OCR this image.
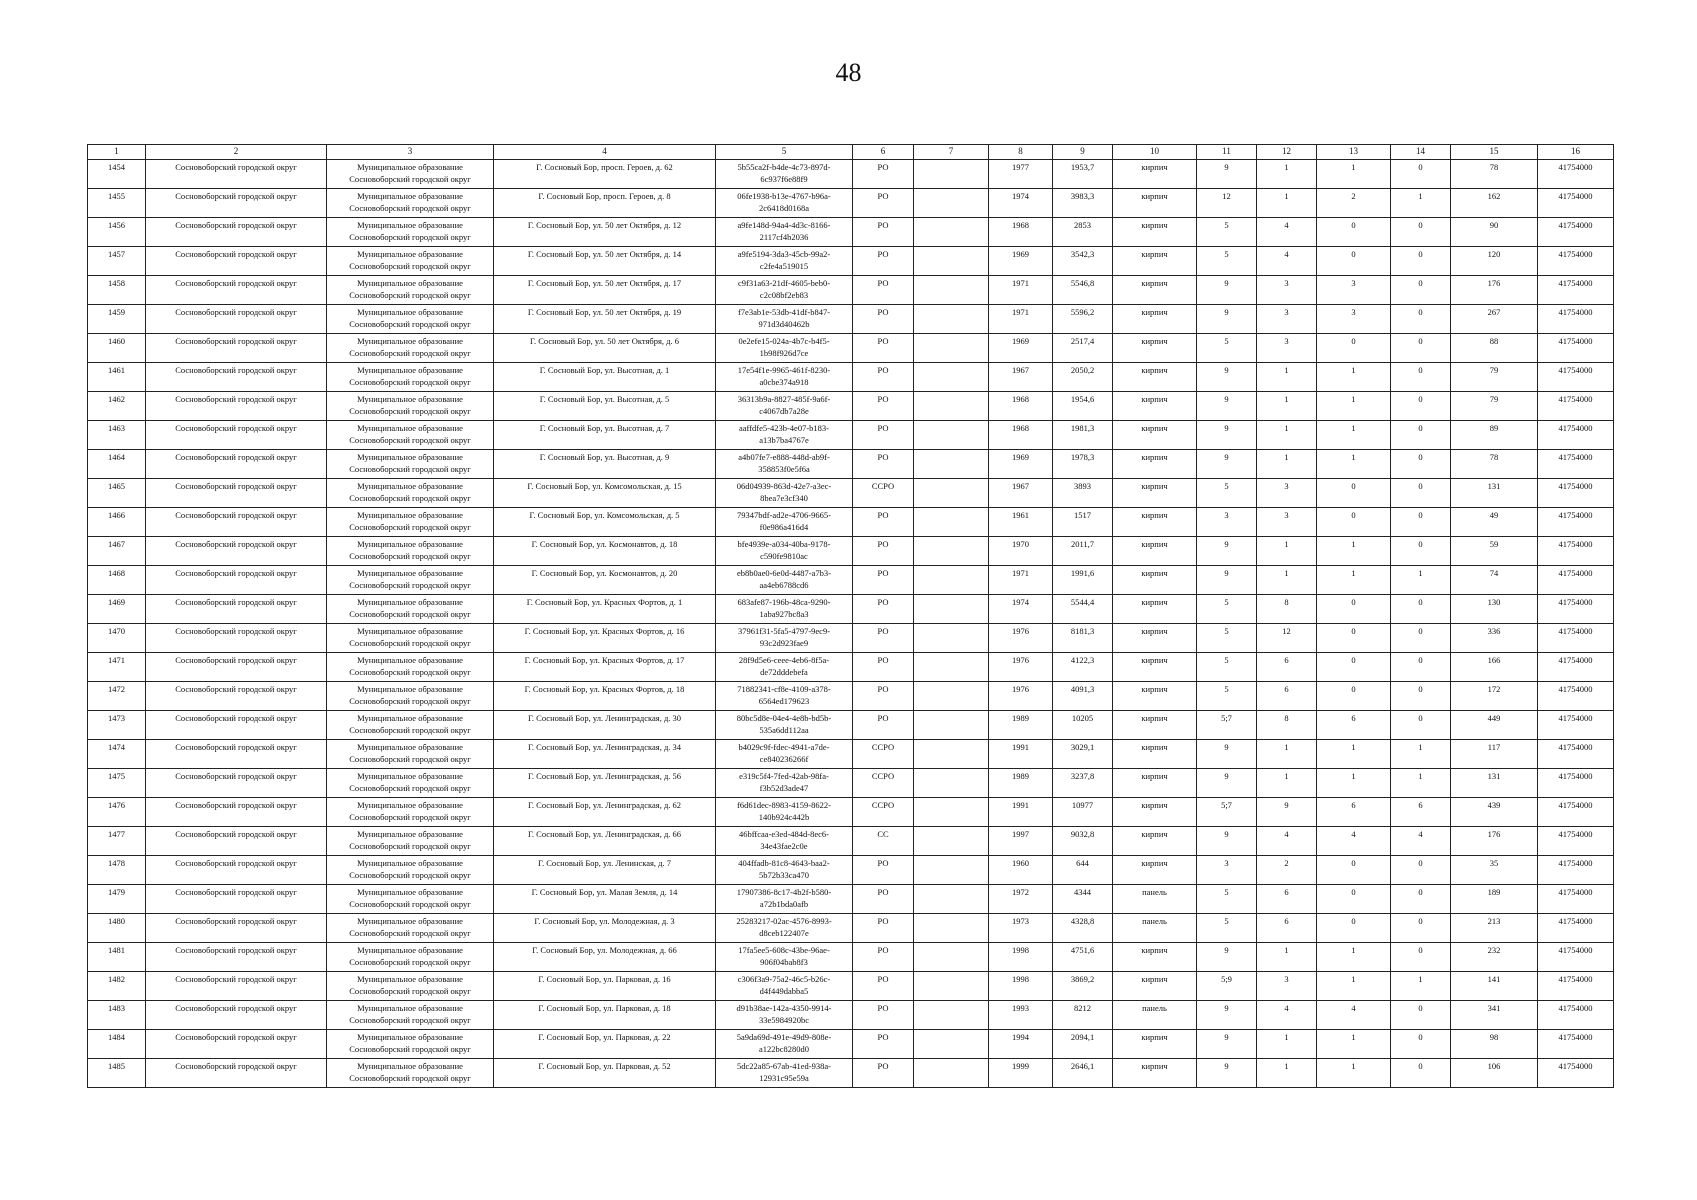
48
1	2	3	4	5	6	7	8	9	10	11	12	13	14	15	16
1454	Сосновоборский городской округ	Муниципальное образование Сосновоборский городской округ	Г. Сосновый Бор, просп. Героев, д. 62	5b55ca2f-b4de-4c73-897d-6c937f6e88f9	РО		1977	1953,7	кирпич	9	1	1	0	78	41754000
1455	Сосновоборский городской округ	Муниципальное образование Сосновоборский городской округ	Г. Сосновый Бор, просп. Героев, д. 8	06fe1938-b13e-4767-b96a-2c6418d0168a	РО		1974	3983,3	кирпич	12	1	2	1	162	41754000
1456	Сосновоборский городской округ	Муниципальное образование Сосновоборский городской округ	Г. Сосновый Бор, ул. 50 лет Октября, д. 12	a9fe148d-94a4-4d3c-8166-2117cf4b2036	РО		1968	2853	кирпич	5	4	0	0	90	41754000
1457	Сосновоборский городской округ	Муниципальное образование Сосновоборский городской округ	Г. Сосновый Бор, ул. 50 лет Октября, д. 14	a9fe5194-3da3-45cb-99a2-c2fe4a519015	РО		1969	3542,3	кирпич	5	4	0	0	120	41754000
1458	Сосновоборский городской округ	Муниципальное образование Сосновоборский городской округ	Г. Сосновый Бор, ул. 50 лет Октября, д. 17	c9f31a63-21df-4605-beb0-c2c08bf2eb83	РО		1971	5546,8	кирпич	9	3	3	0	176	41754000
1459	Сосновоборский городской округ	Муниципальное образование Сосновоборский городской округ	Г. Сосновый Бор, ул. 50 лет Октября, д. 19	f7e3ab1e-53db-41df-b847-971d3d40462b	РО		1971	5596,2	кирпич	9	3	3	0	267	41754000
1460	Сосновоборский городской округ	Муниципальное образование Сосновоборский городской округ	Г. Сосновый Бор, ул. 50 лет Октября, д. 6	0e2efe15-024a-4b7c-b4f5-1b98f926d7ce	РО		1969	2517,4	кирпич	5	3	0	0	88	41754000
1461	Сосновоборский городской округ	Муниципальное образование Сосновоборский городской округ	Г. Сосновый Бор, ул. Высотная, д. 1	17e54f1e-9965-461f-8230-a0cbe374a918	РО		1967	2050,2	кирпич	9	1	1	0	79	41754000
1462	Сосновоборский городской округ	Муниципальное образование Сосновоборский городской округ	Г. Сосновый Бор, ул. Высотная, д. 5	36313b9a-8827-485f-9a6f-c4067db7a28e	РО		1968	1954,6	кирпич	9	1	1	0	79	41754000
1463	Сосновоборский городской округ	Муниципальное образование Сосновоборский городской округ	Г. Сосновый Бор, ул. Высотная, д. 7	aaffdfe5-423b-4e07-b183-a13b7ba4767e	РО		1968	1981,3	кирпич	9	1	1	0	89	41754000
1464	Сосновоборский городской округ	Муниципальное образование Сосновоборский городской округ	Г. Сосновый Бор, ул. Высотная, д. 9	a4b07fe7-e888-448d-ab9f-358853f0e5f6a	РО		1969	1978,3	кирпич	9	1	1	0	78	41754000
1465	Сосновоборский городской округ	Муниципальное образование Сосновоборский городской округ	Г. Сосновый Бор, ул. Комсомольская, д. 15	06d04939-863d-42e7-a3ec-8bea7e3cf340	ССРО		1967	3893	кирпич	5	3	0	0	131	41754000
1466	Сосновоборский городской округ	Муниципальное образование Сосновоборский городской округ	Г. Сосновый Бор, ул. Комсомольская, д. 5	79347bdf-ad2e-4706-9665-f0e986a416d4	РО		1961	1517	кирпич	3	3	0	0	49	41754000
1467	Сосновоборский городской округ	Муниципальное образование Сосновоборский городской округ	Г. Сосновый Бор, ул. Космонавтов, д. 18	bfe4939e-a034-40ba-9178-c590fe9810ac	РО		1970	2011,7	кирпич	9	1	1	0	59	41754000
1468	Сосновоборский городской округ	Муниципальное образование Сосновоборский городской округ	Г. Сосновый Бор, ул. Космонавтов, д. 20	eb8b0ae0-6e0d-4487-a7b3-aa4eb6788cd6	РО		1971	1991,6	кирпич	9	1	1	1	74	41754000
1469	Сосновоборский городской округ	Муниципальное образование Сосновоборский городской округ	Г. Сосновый Бор, ул. Красных Фортов, д. 1	683afe87-196b-48ca-9290-1aba927bc8a3	РО		1974	5544,4	кирпич	5	8	0	0	130	41754000
1470	Сосновоборский городской округ	Муниципальное образование Сосновоборский городской округ	Г. Сосновый Бор, ул. Красных Фортов, д. 16	37961f31-5fa5-4797-9ec9-93c2d923fae9	РО		1976	8181,3	кирпич	5	12	0	0	336	41754000
1471	Сосновоборский городской округ	Муниципальное образование Сосновоборский городской округ	Г. Сосновый Бор, ул. Красных Фортов, д. 17	28f9d5e6-ceee-4eb6-8f5a-de72dddebefa	РО		1976	4122,3	кирпич	5	6	0	0	166	41754000
1472	Сосновоборский городской округ	Муниципальное образование Сосновоборский городской округ	Г. Сосновый Бор, ул. Красных Фортов, д. 18	71882341-cf8e-4109-a378-6564ed179623	РО		1976	4091,3	кирпич	5	6	0	0	172	41754000
1473	Сосновоборский городской округ	Муниципальное образование Сосновоборский городской округ	Г. Сосновый Бор, ул. Ленинградская, д. 30	80bc5d8e-04e4-4e8b-bd5b-535a6dd112aa	РО		1989	10205	кирпич	5;7	8	6	0	449	41754000
1474	Сосновоборский городской округ	Муниципальное образование Сосновоборский городской округ	Г. Сосновый Бор, ул. Ленинградская, д. 34	b4029c9f-fdec-4941-a7de-ce840236266f	ССРО		1991	3029,1	кирпич	9	1	1	1	117	41754000
1475	Сосновоборский городской округ	Муниципальное образование Сосновоборский городской округ	Г. Сосновый Бор, ул. Ленинградская, д. 56	e319c5f4-7fed-42ab-98fa-f3b52d3ade47	ССРО		1989	3237,8	кирпич	9	1	1	1	131	41754000
1476	Сосновоборский городской округ	Муниципальное образование Сосновоборский городской округ	Г. Сосновый Бор, ул. Ленинградская, д. 62	f6d61dec-8983-4159-8622-140b924c442b	ССРО		1991	10977	кирпич	5;7	9	6	6	439	41754000
1477	Сосновоборский городской округ	Муниципальное образование Сосновоборский городской округ	Г. Сосновый Бор, ул. Ленинградская, д. 66	46bffcaa-e3ed-484d-8ec6-34e43fae2c0e	СС		1997	9032,8	кирпич	9	4	4	4	176	41754000
1478	Сосновоборский городской округ	Муниципальное образование Сосновоборский городской округ	Г. Сосновый Бор, ул. Ленинская, д. 7	404ffadb-81c8-4643-baa2-5b72b33ca470	РО		1960	644	кирпич	3	2	0	0	35	41754000
1479	Сосновоборский городской округ	Муниципальное образование Сосновоборский городской округ	Г. Сосновый Бор, ул. Малая Земля, д. 14	17907386-8c17-4b2f-b580-a72b1bda0afb	РО		1972	4344	панель	5	6	0	0	189	41754000
1480	Сосновоборский городской округ	Муниципальное образование Сосновоборский городской округ	Г. Сосновый Бор, ул. Молодежная, д. 3	25283217-02ac-4576-8993-d8ceb122407e	РО		1973	4328,8	панель	5	6	0	0	213	41754000
1481	Сосновоборский городской округ	Муниципальное образование Сосновоборский городской округ	Г. Сосновый Бор, ул. Молодежная, д. 66	17fa5ee5-608c-43be-96ae-906f04bab8f3	РО		1998	4751,6	кирпич	9	1	1	0	232	41754000
1482	Сосновоборский городской округ	Муниципальное образование Сосновоборский городской округ	Г. Сосновый Бор, ул. Парковая, д. 16	c306f3a9-75a2-46c5-b26c-d4f449dabba5	РО		1998	3869,2	кирпич	5;9	3	1	1	141	41754000
1483	Сосновоборский городской округ	Муниципальное образование Сосновоборский городской округ	Г. Сосновый Бор, ул. Парковая, д. 18	d91b38ae-142a-4350-9914-33e5984920bc	РО		1993	8212	панель	9	4	4	0	341	41754000
1484	Сосновоборский городской округ	Муниципальное образование Сосновоборский городской округ	Г. Сосновый Бор, ул. Парковая, д. 22	5a9da69d-491e-49d9-808e-a122bc8280d0	РО		1994	2094,1	кирпич	9	1	1	0	98	41754000
1485	Сосновоборский городской округ	Муниципальное образование Сосновоборский городской округ	Г. Сосновый Бор, ул. Парковая, д. 52	5dc22a85-67ab-41ed-938a-12931c95e59a	РО		1999	2646,1	кирпич	9	1	1	0	106	41754000
